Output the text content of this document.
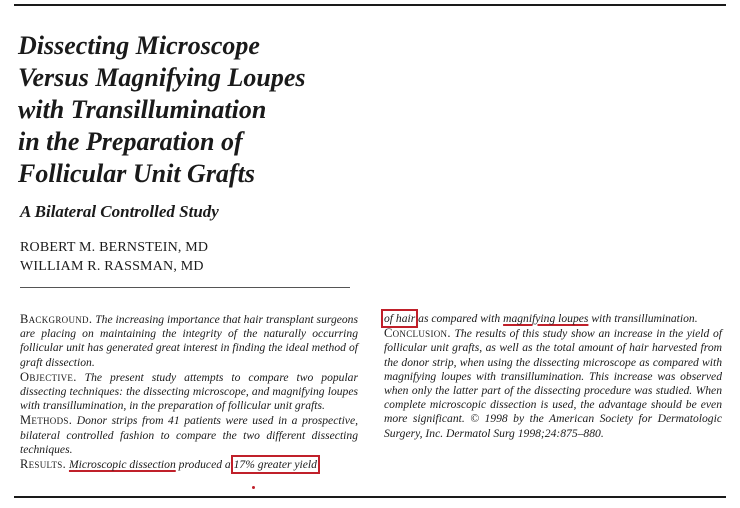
Dissecting Microscope
Versus Magnifying Loupes
with Transillumination
in the Preparation of
Follicular Unit Grafts
A Bilateral Controlled Study
ROBERT M. BERNSTEIN, MD
WILLIAM R. RASSMAN, MD

Background. The increasing importance that hair transplant surgeons are placing on maintaining the integrity of the naturally occurring follicular unit has generated great interest in finding the ideal method of graft dissection.

Objective. The present study attempts to compare two popular dissecting techniques: the dissecting microscope, and magnifying loupes with transillumination, in the preparation of follicular unit grafts.

Methods. Donor strips from 41 patients were used in a prospective, bilateral controlled fashion to compare the two different dissecting techniques.

Results. Microscopic dissection produced a 17% greater yield

of hair as compared with magnifying loupes with transillumination.

Conclusion. The results of this study show an increase in the yield of follicular unit grafts, as well as the total amount of hair harvested from the donor strip, when using the dissecting microscope as compared with magnifying loupes with transillumination. This increase was observed when only the latter part of the dissecting procedure was studied. When complete microscopic dissection is used, the advantage should be even more significant. © 1998 by the American Society for Dermatologic Surgery, Inc. Dermatol Surg 1998;24:875–880.
